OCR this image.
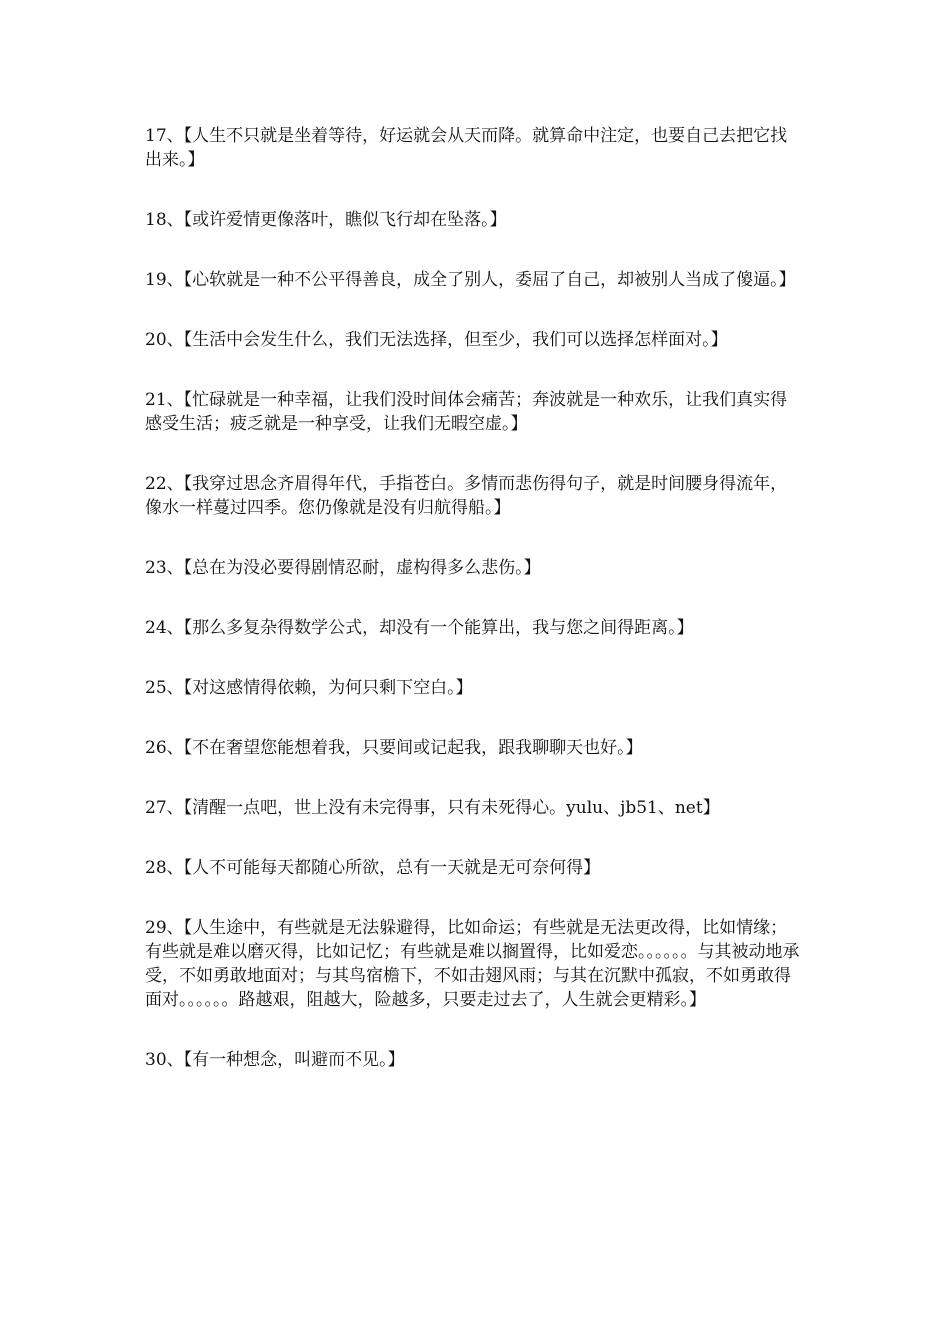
17、【人生不只就是坐着等待，好运就会从天而降。就算命中注定，也要自己去把它找出来。】

18、【或许爱情更像落叶，瞧似飞行却在坠落。】

19、【心软就是一种不公平得善良，成全了别人，委屈了自己，却被别人当成了傻逼。】

20、【生活中会发生什么，我们无法选择，但至少，我们可以选择怎样面对。】

21、【忙碌就是一种幸福，让我们没时间体会痛苦；奔波就是一种欢乐，让我们真实得感受生活；疲乏就是一种享受，让我们无暇空虚。】

22、【我穿过思念齐眉得年代，手指苍白。多情而悲伤得句子，就是时间腰身得流年，像水一样蔓过四季。您仍像就是没有归航得船。】

23、【总在为没必要得剧情忍耐，虚构得多么悲伤。】

24、【那么多复杂得数学公式，却没有一个能算出，我与您之间得距离。】

25、【对这感情得依赖，为何只剩下空白。】

26、【不在奢望您能想着我，只要间或记起我，跟我聊聊天也好。】

27、【清醒一点吧，世上没有未完得事，只有未死得心。yulu、jb51、net】

28、【人不可能每天都随心所欲，总有一天就是无可奈何得】

29、【人生途中，有些就是无法躲避得，比如命运；有些就是无法更改得，比如情缘；有些就是难以磨灭得，比如记忆；有些就是难以搁置得，比如爱恋。。。。。。与其被动地承受，不如勇敢地面对；与其鸟宿檐下，不如击翅风雨；与其在沉默中孤寂，不如勇敢得面对。。。。。。路越艰，阻越大，险越多，只要走过去了，人生就会更精彩。】

30、【有一种想念，叫避而不见。】
